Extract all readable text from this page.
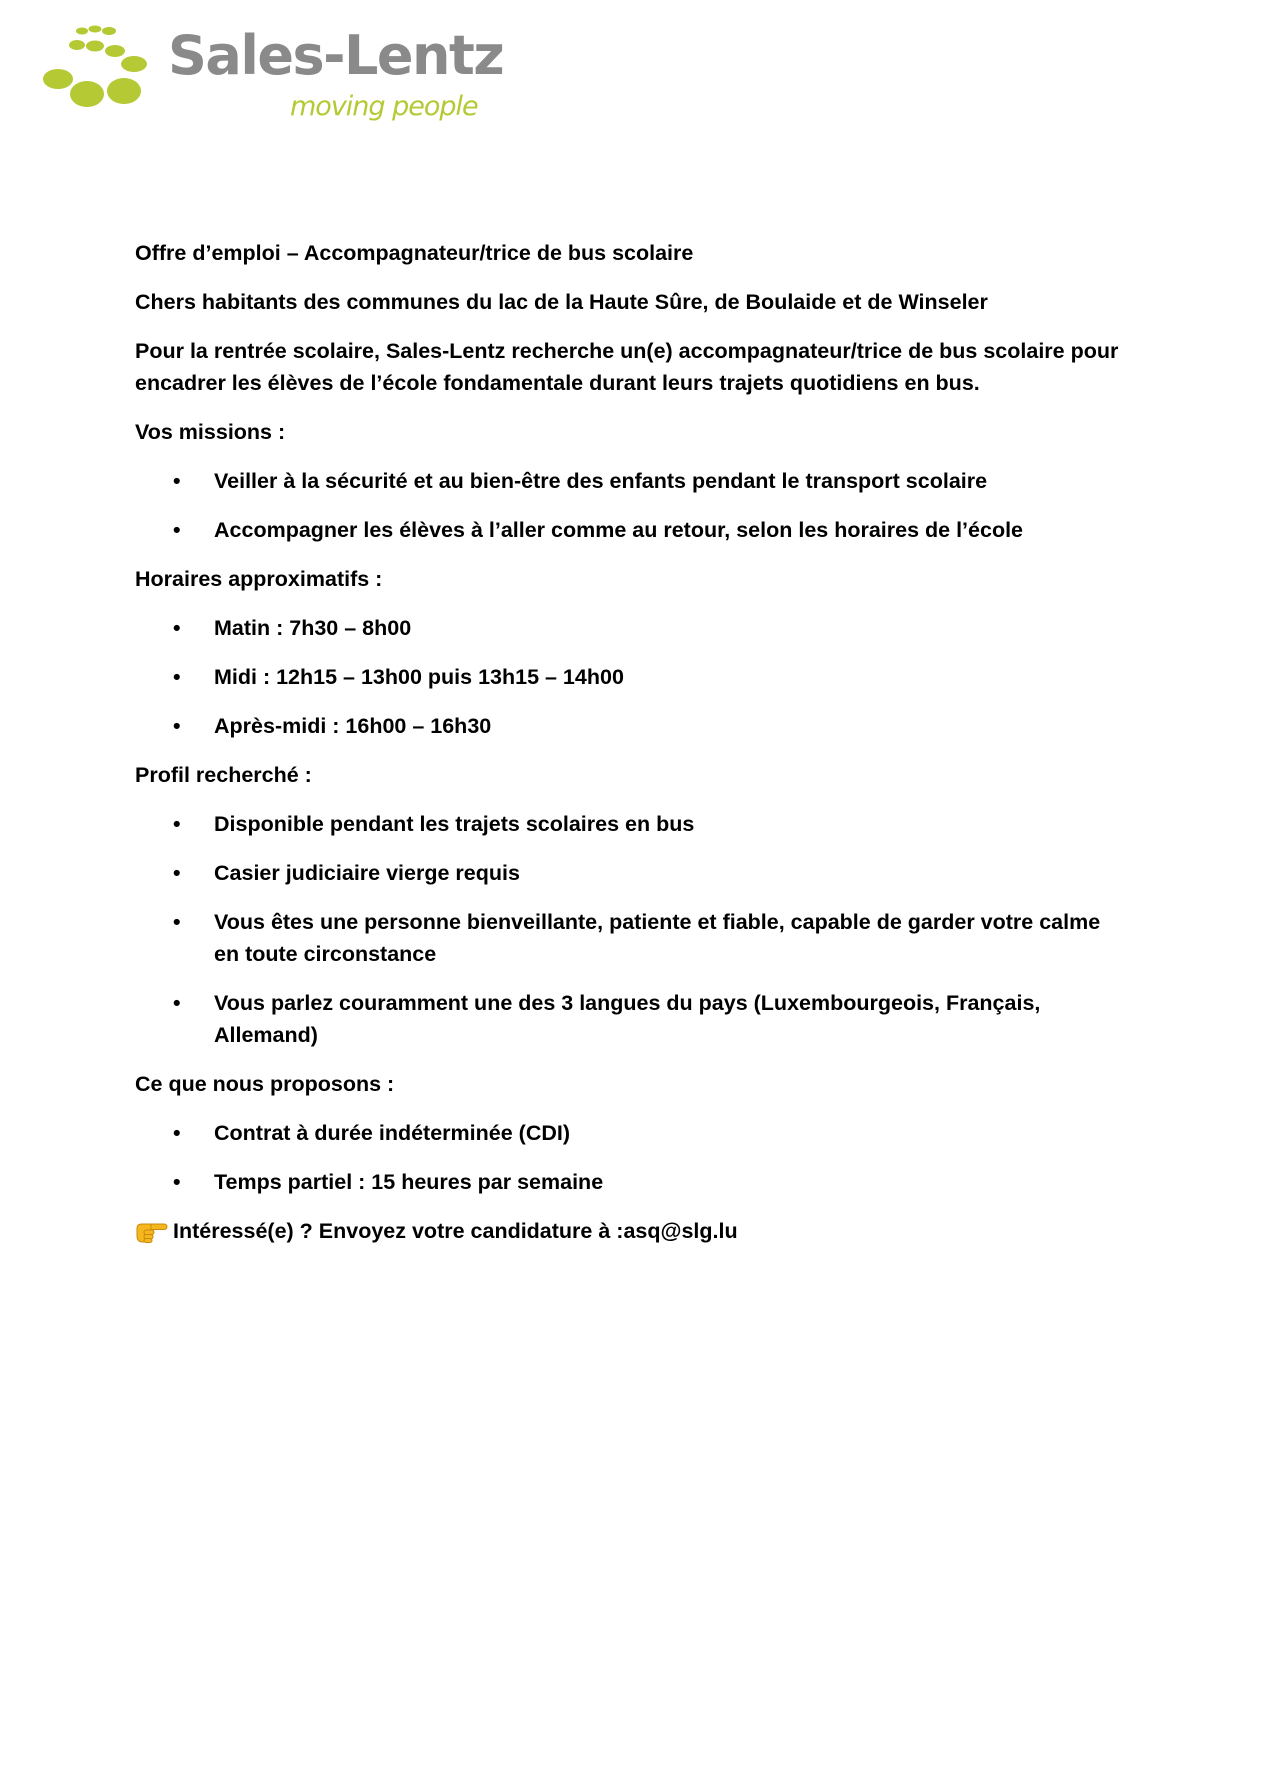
Sales-Lentz
moving people

Offre d’emploi – Accompagnateur/trice de bus scolaire

Chers habitants des communes du lac de la Haute Sûre, de Boulaide et de Winseler

Pour la rentrée scolaire, Sales-Lentz recherche un(e) accompagnateur/trice de bus scolaire pour encadrer les élèves de l’école fondamentale durant leurs trajets quotidiens en bus.

Vos missions :

• Veiller à la sécurité et au bien-être des enfants pendant le transport scolaire
• Accompagner les élèves à l’aller comme au retour, selon les horaires de l’école

Horaires approximatifs :

• Matin : 7h30 – 8h00
• Midi : 12h15 – 13h00 puis 13h15 – 14h00
• Après-midi : 16h00 – 16h30

Profil recherché :

• Disponible pendant les trajets scolaires en bus
• Casier judiciaire vierge requis
• Vous êtes une personne bienveillante, patiente et fiable, capable de garder votre calme en toute circonstance
• Vous parlez couramment une des 3 langues du pays (Luxembourgeois, Français, Allemand)

Ce que nous proposons :

• Contrat à durée indéterminée (CDI)
• Temps partiel : 15 heures par semaine

Intéressé(e) ? Envoyez votre candidature à : asq@slg.lu
